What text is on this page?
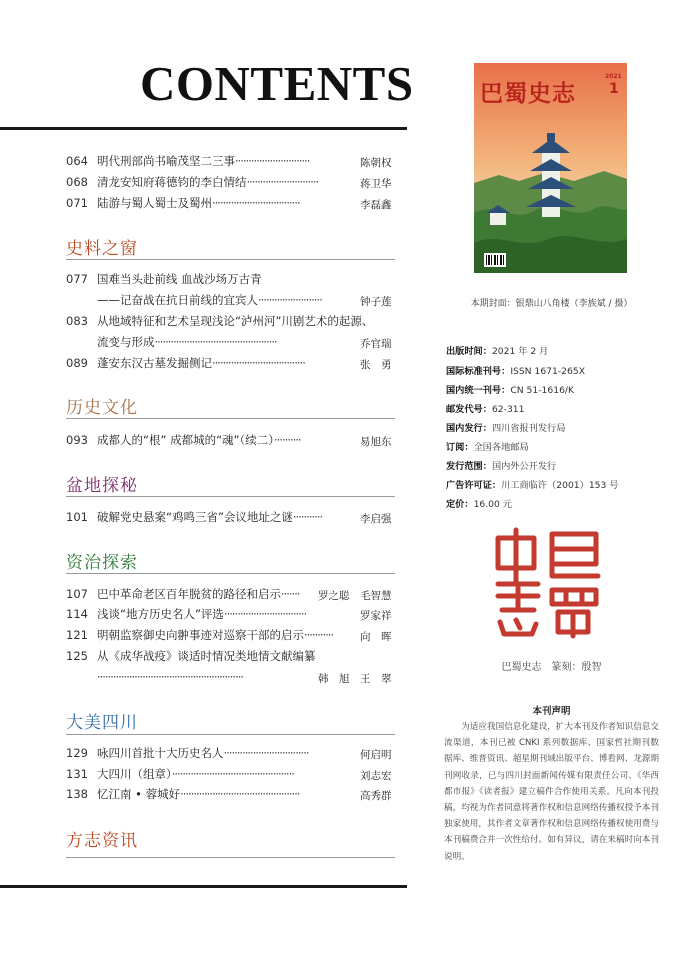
CONTENTS
064 明代刑部尚书喻茂坚二三事····························	陈朝权
068 清龙安知府蒋德钧的李白情结···························	蒋卫华
071 陆游与蜀人蜀士及蜀州·································	李磊鑫
史料之窗
077 国难当头赴前线 血战沙场万古青
——记奋战在抗日前线的宜宾人························	钟子莲
083 从地域特征和艺术呈现浅论“泸州河”川剧艺术的起源、
流变与形成··············································	乔官瑞
089 蓬安东汉古墓发掘侧记···································	张　勇
历史文化
093 成都人的“根” 成都城的“魂”（续二）··········	易旭东
盆地探秘
101 破解党史悬案“鸡鸣三省”会议地址之谜···········	李启强
资治探索
107 巴中革命老区百年脱贫的路径和启示······· 罗之聪　毛智慧
114 浅谈“地方历史名人”评选·······························	罗家祥
121 明朝监察御史向翀事迹对巡察干部的启示···········	向　晖
125 从《成华战疫》谈适时情况类地情文献编纂
·······················································	韩　旭　王　翠
大美四川
129 咏四川首批十大历史名人································	何启明
131 大四川（组章）··············································	刘志宏
138 忆江南 • 蓉城好·············································	高秀群
方志资讯
巴蜀史志
2021
1
本期封面：银鼎山八角楼（李族斌 / 摄）
出版时间：2021 年 2 月
国际标准刊号：ISSN 1671-265X
国内统一刊号：CN 51-1616/K
邮发代号：62-311
国内发行：四川省报刊发行局
订阅：全国各地邮局
发行范围：国内外公开发行
广告许可证：川工商临许（2001）153 号
定价：16.00 元
巴蜀史志　篆刻：殷智
本刊声明
为适应我国信息化建设，扩大本刊及作者知识信息交流渠道，本刊已被 CNKI 系列数据库、国家哲社期刊数据库、维普资讯、超星期刊域出版平台、博看网、龙源期刊网收录，已与四川封面新闻传媒有限责任公司、《华西都市报》《读者报》建立稿件合作使用关系。凡向本刊投稿，均视为作者同意将著作权和信息网络传播权授予本刊独家使用，其作者文章著作权和信息网络传播权使用费与本刊稿费合并一次性给付。如有异议，请在来稿时向本刊说明。
